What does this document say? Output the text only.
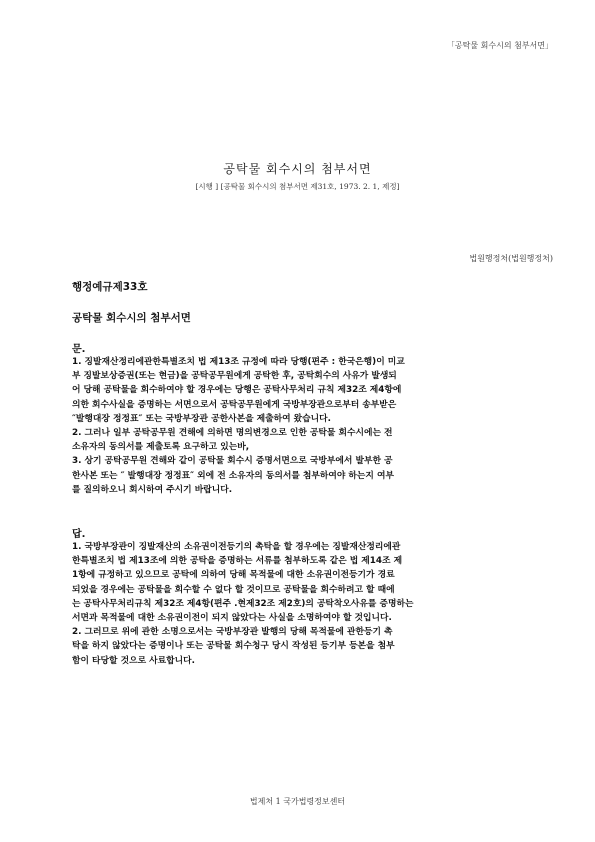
「공탁물 회수시의 첨부서면」
공탁물 회수시의 첨부서면
[시행 ] [공탁물 회수시의 첨부서면 제31호, 1973. 2. 1, 제정]
법원행정처(법원행정처)
행정예규제33호
공탁물 회수시의 첨부서면
문.
1. 징발재산정리에관한특별조치 법 제13조 규정에 따라 당행(편주 : 한국은행)이 미교
부 징발보상증권(또는 현금)을 공탁공무원에게 공탁한 후, 공탁회수의 사유가 발생되
어 당해 공탁물을 회수하여야 할 경우에는 당행은 공탁사무처리 규칙 제32조 제4항에
의한 회수사실을 증명하는 서면으로서 공탁공무원에게 국방부장관으로부터 송부받은
″발행대장 정정표″ 또는 국방부장관 공한사본을 제출하여 왔습니다.
2. 그러나 일부 공탁공무원 견해에 의하면 명의변경으로 인한 공탁물 회수시에는 전
소유자의 동의서를 제출토록 요구하고 있는바,
3. 상기 공탁공무원 견해와 같이 공탁물 회수시 증명서면으로 국방부에서 발부한 공
한사본 또는 ″ 발행대장 정정표″ 외에 전 소유자의 동의서를 첨부하여야 하는지 여부
를 질의하오니 회시하여 주시기 바랍니다.
답.
1. 국방부장관이 징발재산의 소유권이전등기의 촉탁을 할 경우에는 징발재산정리에관
한특별조치 법 제13조에 의한 공탁을 증명하는 서류를 첨부하도록 같은 법 제14조 제
1항에 규정하고 있으므로 공탁에 의하여 당해 목적물에 대한 소유권이전등기가 경료
되었을 경우에는 공탁물을 회수할 수 없다 할 것이므로 공탁물을 회수하려고 할 때에
는 공탁사무처리규칙 제32조 제4항(편주 .현제32조 제2호)의 공탁착오사유를 증명하는
서면과 목적물에 대한 소유권이전이 되지 않았다는 사실을 소명하여야 할 것입니다.
2. 그러므로 위에 관한 소명으로서는 국방부장관 발행의 당해 목적물에 관한등기 촉
탁을 하지 않았다는 증명이나 또는 공탁물 회수청구 당시 작성된 등기부 등본을 첨부
함이 타당할 것으로 사료합니다.
법제처 1 국가법령정보센터
